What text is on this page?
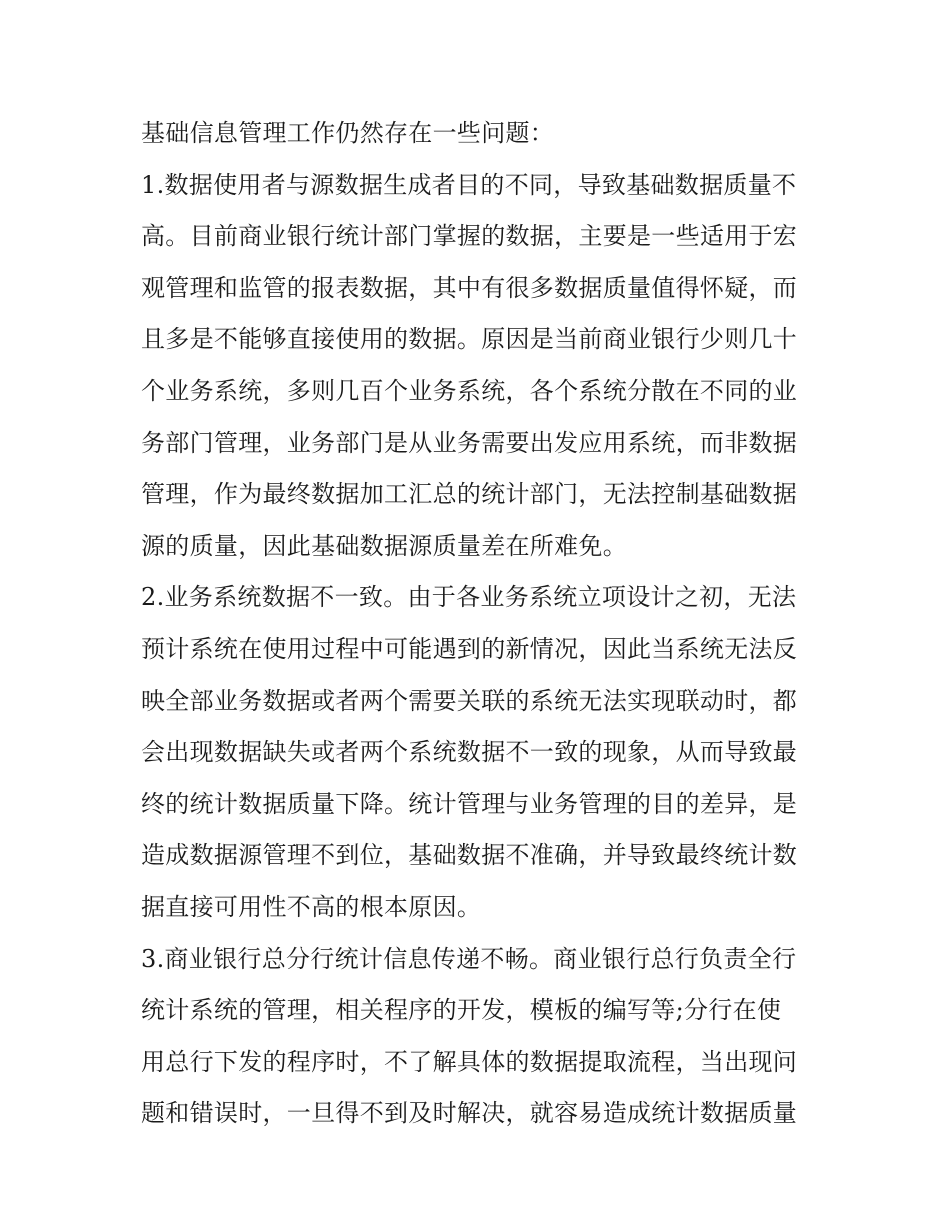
基础信息管理工作仍然存在一些问题：
1.数据使用者与源数据生成者目的不同，导致基础数据质量不
高。目前商业银行统计部门掌握的数据，主要是一些适用于宏
观管理和监管的报表数据，其中有很多数据质量值得怀疑，而
且多是不能够直接使用的数据。原因是当前商业银行少则几十
个业务系统，多则几百个业务系统，各个系统分散在不同的业
务部门管理，业务部门是从业务需要出发应用系统，而非数据
管理，作为最终数据加工汇总的统计部门，无法控制基础数据
源的质量，因此基础数据源质量差在所难免。
2.业务系统数据不一致。由于各业务系统立项设计之初，无法
预计系统在使用过程中可能遇到的新情况，因此当系统无法反
映全部业务数据或者两个需要关联的系统无法实现联动时，都
会出现数据缺失或者两个系统数据不一致的现象，从而导致最
终的统计数据质量下降。统计管理与业务管理的目的差异，是
造成数据源管理不到位，基础数据不准确，并导致最终统计数
据直接可用性不高的根本原因。
3.商业银行总分行统计信息传递不畅。商业银行总行负责全行
统计系统的管理，相关程序的开发，模板的编写等;分行在使
用总行下发的程序时，不了解具体的数据提取流程，当出现问
题和错误时，一旦得不到及时解决，就容易造成统计数据质量
